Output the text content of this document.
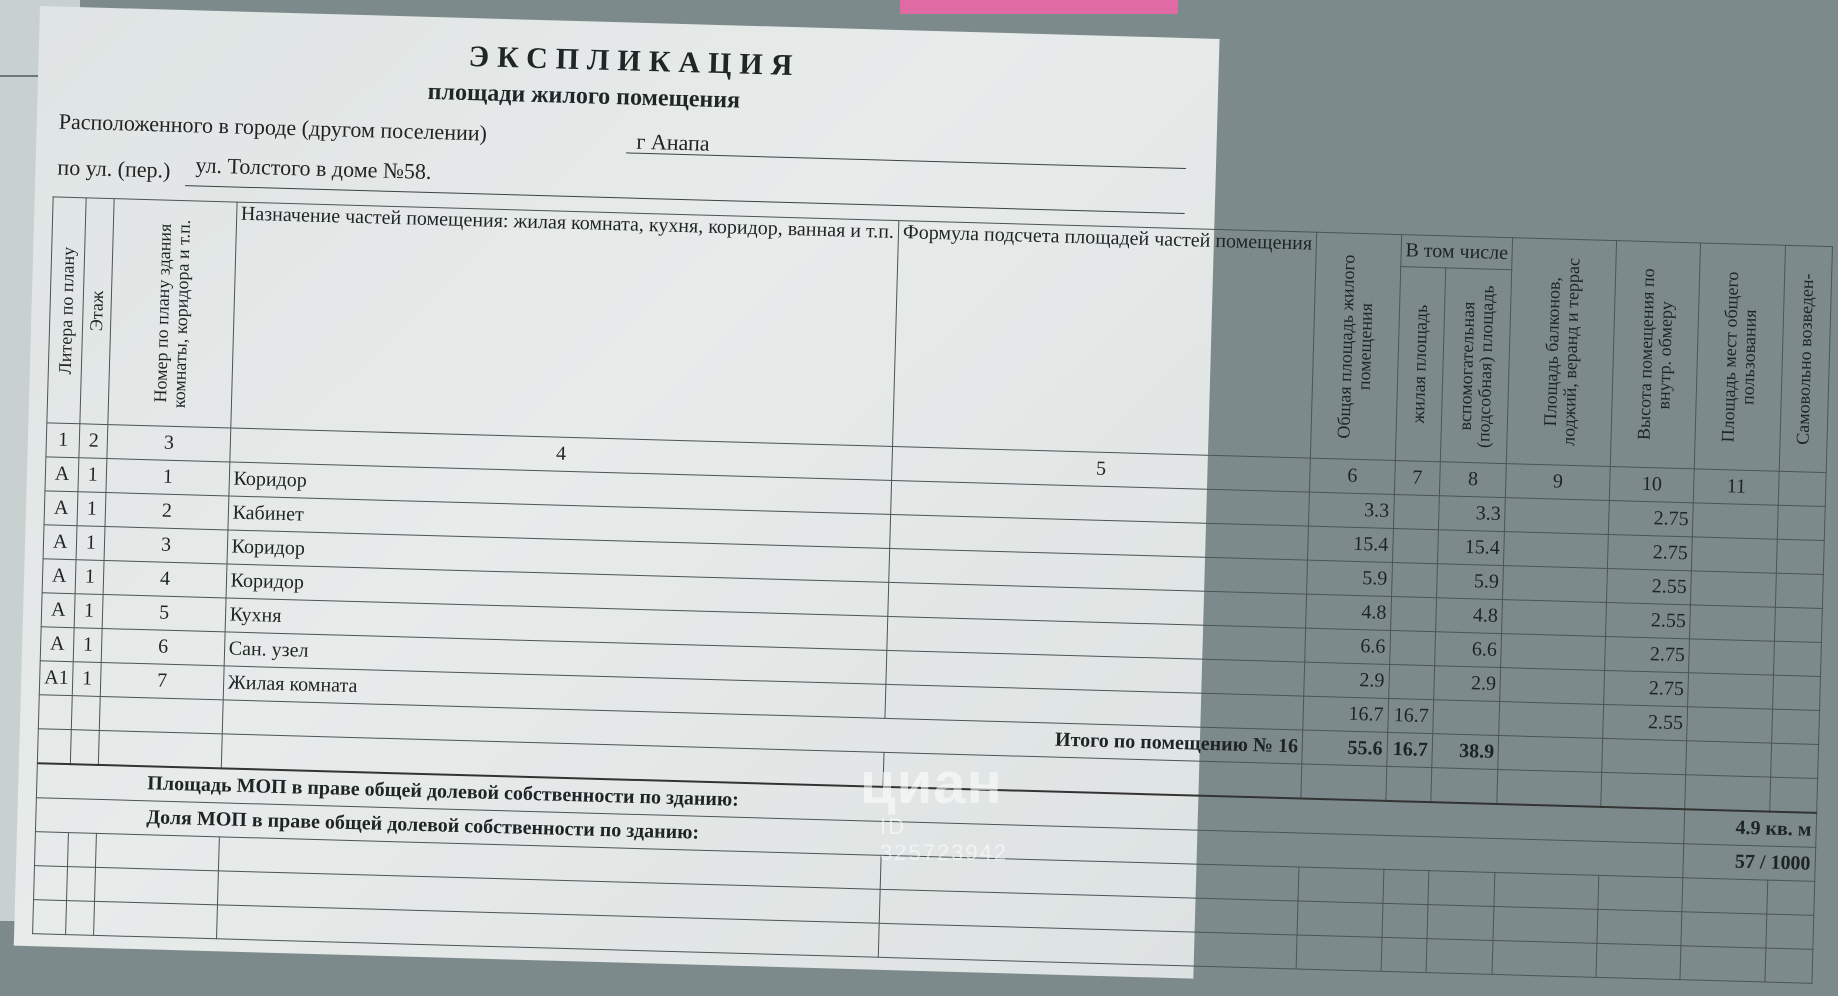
ЭКСПЛИКАЦИЯ
площади жилого помещения
Расположенного в городе (другом поселении)	г Анапа
по ул. (пер.) ул. Толстого в доме №58.
Литера по плану	Этаж	Номер по плану здания комнаты, коридора и т.п.	Назначение частей помещения: жилая комната, кухня, коридор, ванная и т.п.	Формула подсчета площадей частей помещения	Общая площадь жилого помещения	В том числе		Площадь балконов, лоджий, веранд и террас	Высота помещения по внутр. обмеру	Площадь мест общего пользования	Самовольно возведен-

						жилая площадь	вспомогательная (подсобная) площадь				

1	2	3	4	5	6	7	8	9	10	11	
А	1	1	Коридор		3.3		3.3		2.75		
А	1	2	Кабинет		15.4		15.4		2.75		
А	1	3	Коридор		5.9		5.9		2.55		
А	1	4	Коридор		4.8		4.8		2.55		
А	1	5	Кухня		6.6		6.6		2.75		
А	1	6	Сан. узел		2.9		2.9		2.75		
А1	1	7	Жилая комната		16.7	16.7			2.55		
			Итого по помещению № 16		55.6	16.7	38.9				

Площадь МОП в праве общей долевой собственности по зданию:										4.9 кв. м	
Доля МОП в праве общей долевой собственности по зданию:										57 / 1000	

циан
ID 325723942
